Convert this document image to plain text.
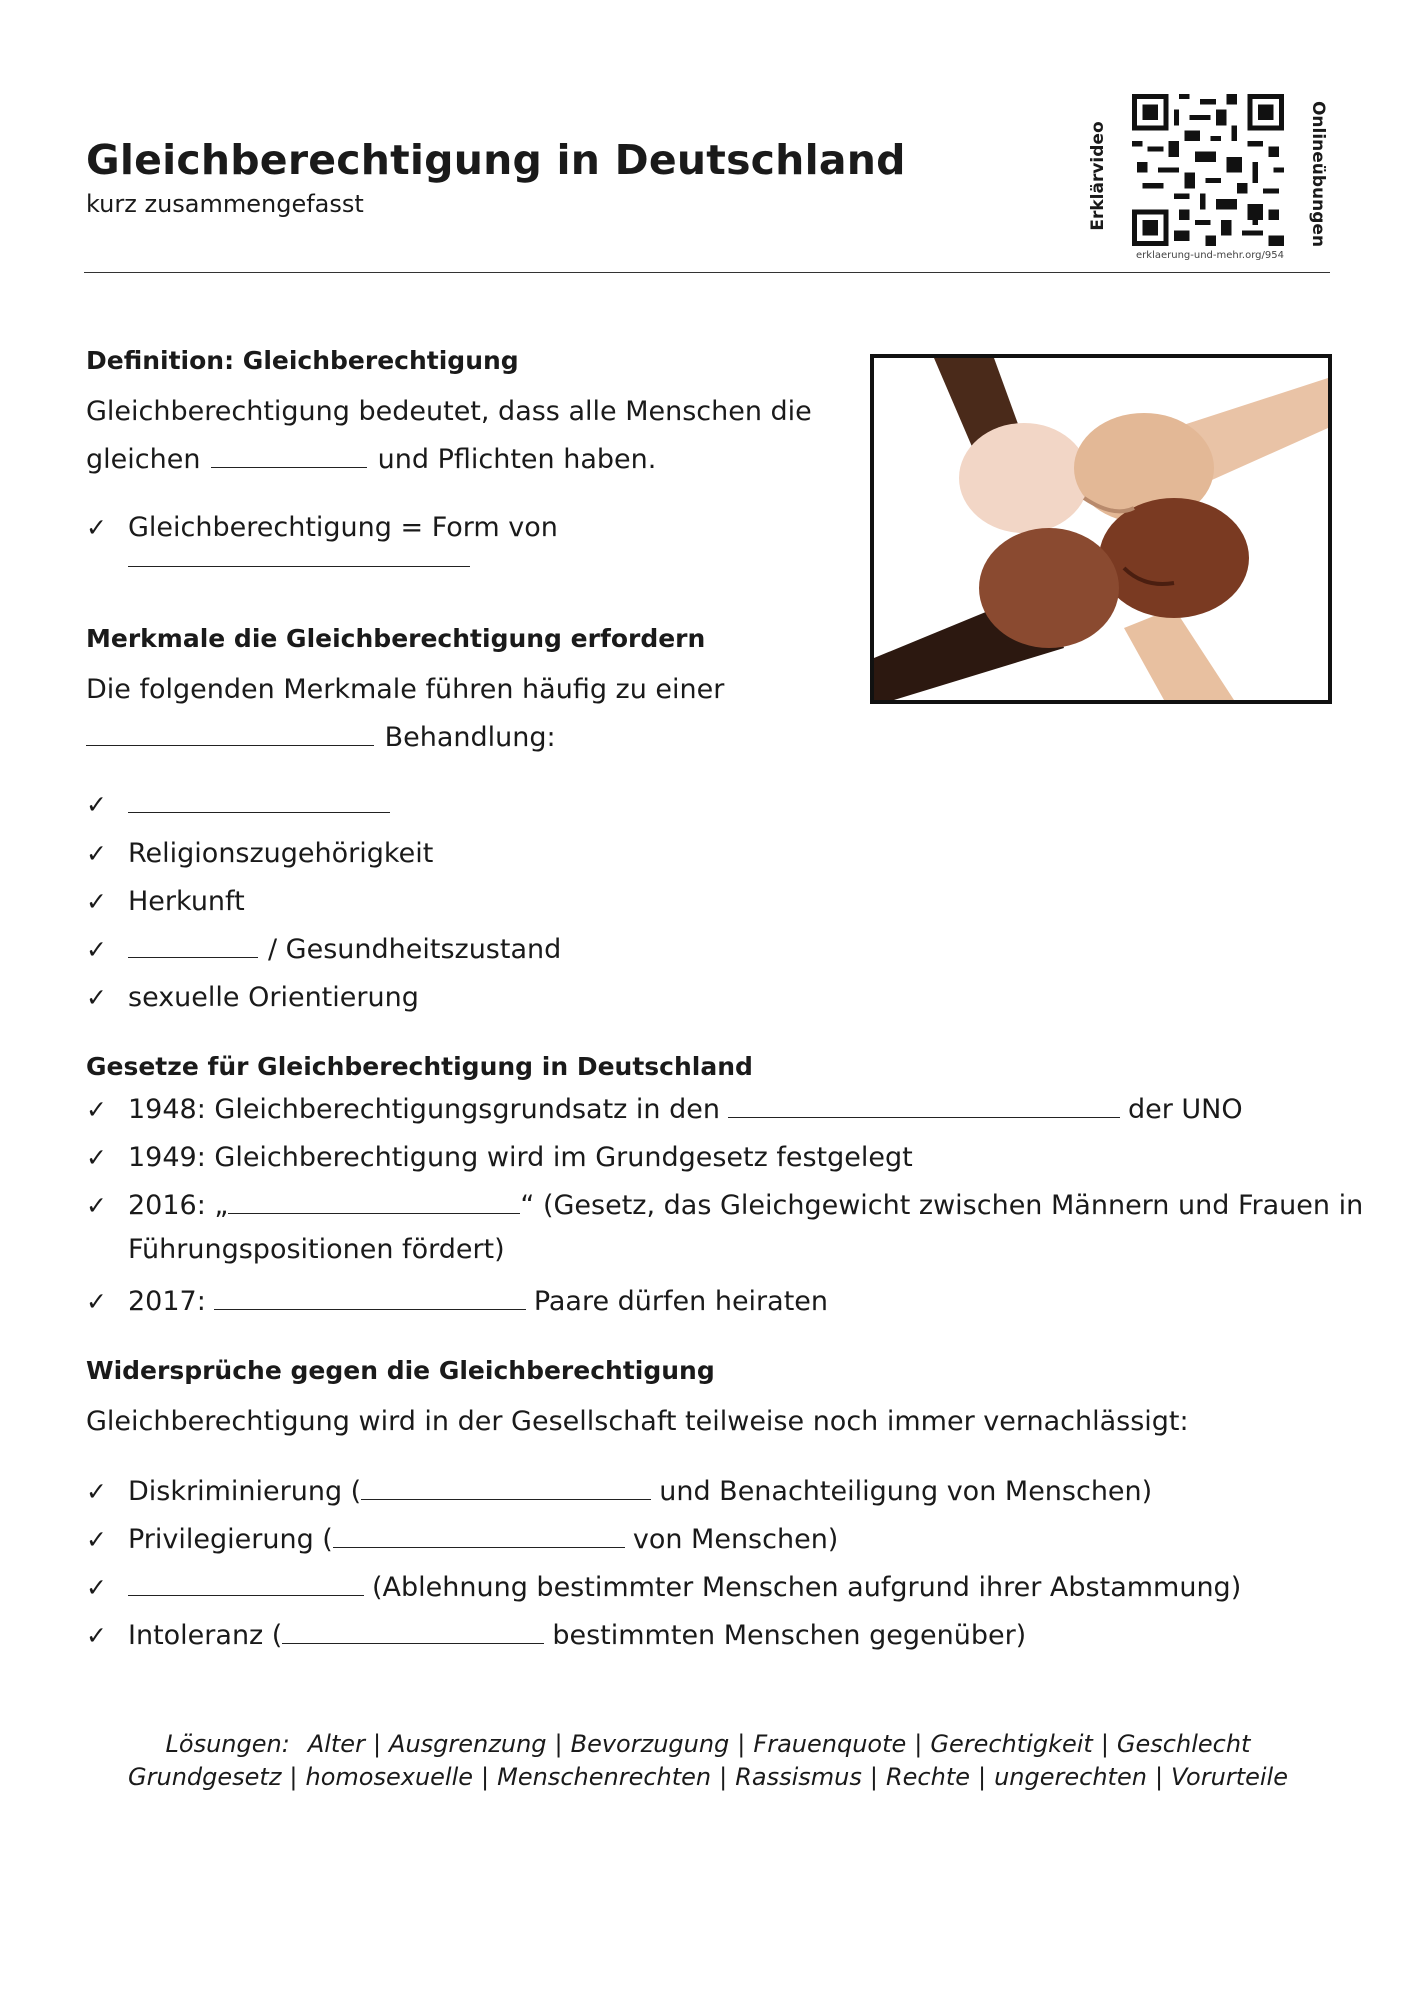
Gleichberechtigung in Deutschland
kurz zusammengefasst	Erklärvideo	Onlineübungen
erklaerung-und-mehr.org/954
Definition: Gleichberechtigung
Gleichberechtigung bedeutet, dass alle Menschen die
gleichen	und Pflichten haben.
✓ Gleichberechtigung = Form von
Merkmale die Gleichberechtigung erfordern
Die folgenden Merkmale führen häufig zu einer
Behandlung:
✓
✓ Religionszugehörigkeit
✓ Herkunft
✓	/ Gesundheitszustand
✓ sexuelle Orientierung
Gesetze für Gleichberechtigung in Deutschland
✓ 1948: Gleichberechtigungsgrundsatz in den	der UNO
✓ 1949: Gleichberechtigung wird im Grundgesetz festgelegt
✓ 2016: „	“ (Gesetz, das Gleichgewicht zwischen Männern und Frauen in
Führungspositionen fördert)
✓ 2017:	Paare dürfen heiraten
Widersprüche gegen die Gleichberechtigung
Gleichberechtigung wird in der Gesellschaft teilweise noch immer vernachlässigt:
✓ Diskriminierung (	und Benachteiligung von Menschen)
✓ Privilegierung (	von Menschen)
✓	(Ablehnung bestimmter Menschen aufgrund ihrer Abstammung)
✓ Intoleranz (	bestimmten Menschen gegenüber)
Lösungen: Alter | Ausgrenzung | Bevorzugung | Frauenquote | Gerechtigkeit | Geschlecht
Grundgesetz | homosexuelle | Menschenrechten | Rassismus | Rechte | ungerechten | Vorurteile
